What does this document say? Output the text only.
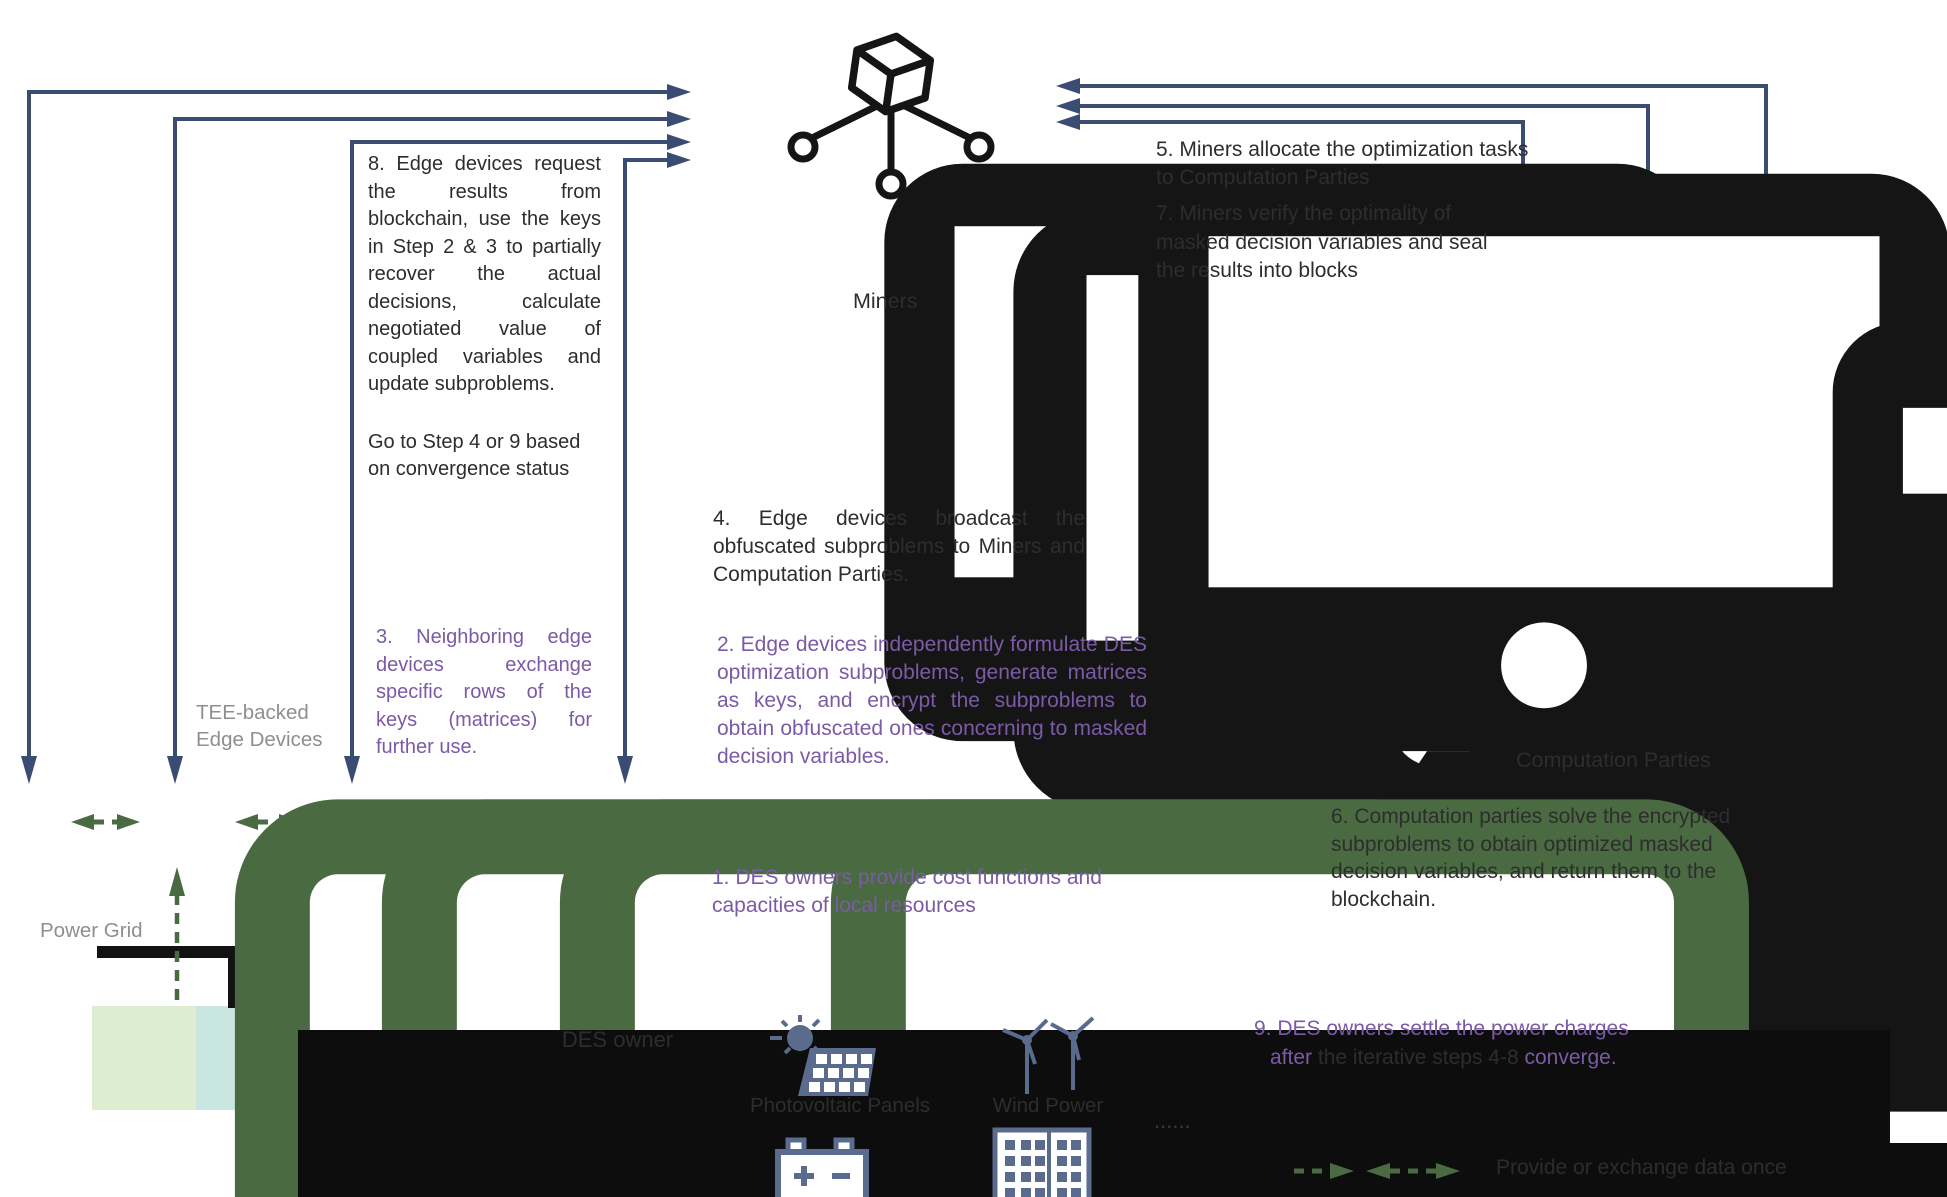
8. Edge devices request the results from blockchain, use the keys in Step 2 & 3 to partially recover the actual decisions, calculate negotiated value of coupled variables and update subproblems.
Go to Step 4 or 9 based on convergence status
3. Neighboring edge devices exchange specific rows of the keys (matrices) for further use.
4. Edge devices broadcast the obfuscated subproblems to Miners and Computation Parties.
2. Edge devices independently formulate DES optimization subproblems, generate matrices as keys, and encrypt the subproblems to obtain obfuscated ones concerning to masked decision variables.
5. Miners allocate the optimization tasks to Computation Parties
7. Miners verify the optimality of masked decision variables and seal the results into blocks
6. Computation parties solve the encrypted subproblems to obtain optimized masked decision variables, and return them to the blockchain.
1. DES owners provide cost functions and capacities of local resources
9. DES owners settle the power charges
after the iterative steps 4-8 converge.
Miners
Computation Parties
TEE-backed
Edge Devices
Power Grid
DES owner
Photovoltaic Panels	Wind Power
......
Provide or exchange data once
